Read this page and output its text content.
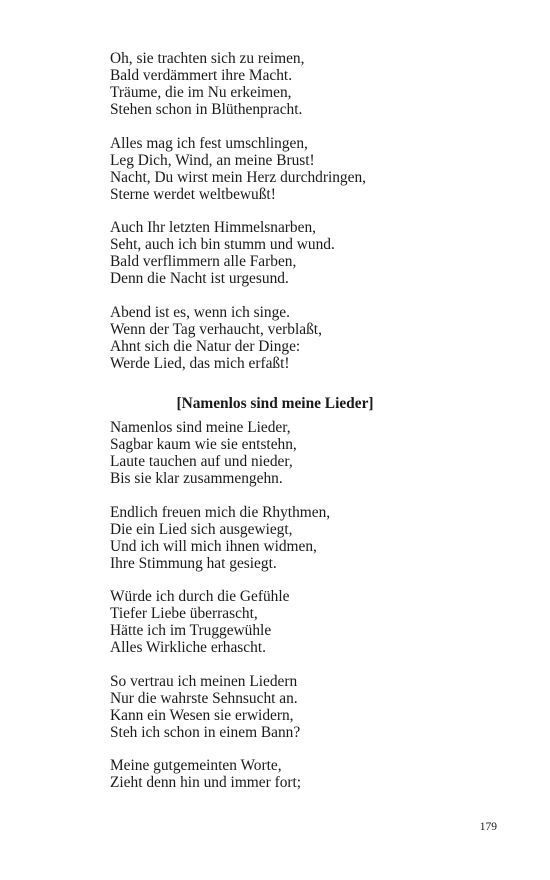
Oh, sie trachten sich zu reimen,
Bald verdämmert ihre Macht.
Träume, die im Nu erkeimen,
Stehen schon in Blüthenpracht.

Alles mag ich fest umschlingen,
Leg Dich, Wind, an meine Brust!
Nacht, Du wirst mein Herz durchdringen,
Sterne werdet weltbewußt!

Auch Ihr letzten Himmelsnarben,
Seht, auch ich bin stumm und wund.
Bald verflimmern alle Farben,
Denn die Nacht ist urgesund.

Abend ist es, wenn ich singe.
Wenn der Tag verhaucht, verblaßt,
Ahnt sich die Natur der Dinge:
Werde Lied, das mich erfaßt!

[Namenlos sind meine Lieder]

Namenlos sind meine Lieder,
Sagbar kaum wie sie entstehn,
Laute tauchen auf und nieder,
Bis sie klar zusammengehn.

Endlich freuen mich die Rhythmen,
Die ein Lied sich ausgewiegt,
Und ich will mich ihnen widmen,
Ihre Stimmung hat gesiegt.

Würde ich durch die Gefühle
Tiefer Liebe überrascht,
Hätte ich im Truggewühle
Alles Wirkliche erhascht.

So vertrau ich meinen Liedern
Nur die wahrste Sehnsucht an.
Kann ein Wesen sie erwidern,
Steh ich schon in einem Bann?

Meine gutgemeinten Worte,
Zieht denn hin und immer fort;

179
